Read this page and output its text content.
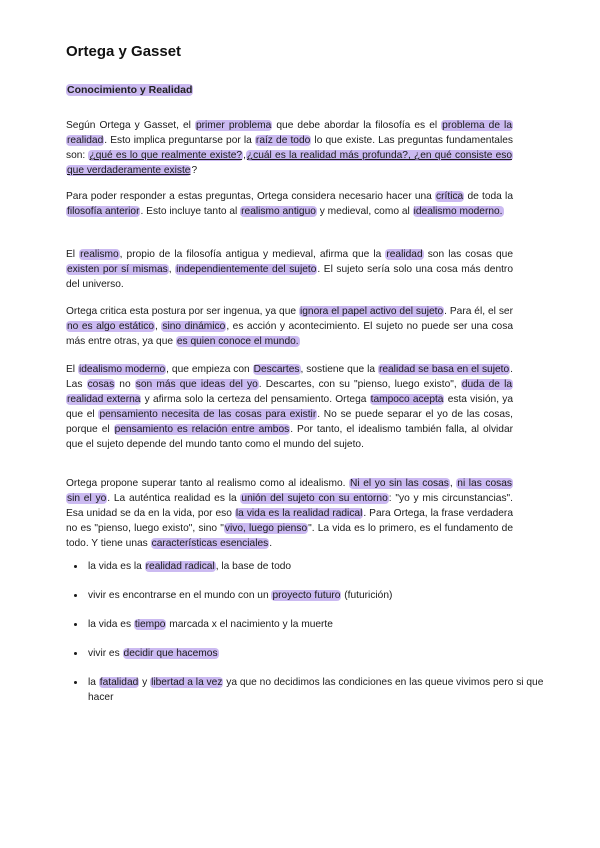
Ortega y Gasset
Conocimiento y Realidad

Según Ortega y Gasset, el primer problema que debe abordar la filosofía es el problema de la realidad. Esto implica preguntarse por la raíz de todo lo que existe. Las preguntas fundamentales son: ¿qué es lo que realmente existe?,¿cuál es la realidad más profunda?, ¿en qué consiste eso que verdaderamente existe?

Para poder responder a estas preguntas, Ortega considera necesario hacer una crítica de toda la filosofía anterior. Esto incluye tanto al realismo antiguo y medieval, como al idealismo moderno.

El realismo, propio de la filosofía antigua y medieval, afirma que la realidad son las cosas que existen por sí mismas, independientemente del sujeto. El sujeto sería solo una cosa más dentro del universo.

Ortega critica esta postura por ser ingenua, ya que ignora el papel activo del sujeto. Para él, el ser no es algo estático, sino dinámico, es acción y acontecimiento. El sujeto no puede ser una cosa más entre otras, ya que es quien conoce el mundo.

El idealismo moderno, que empieza con Descartes, sostiene que la realidad se basa en el sujeto. Las cosas no son más que ideas del yo. Descartes, con su "pienso, luego existo", duda de la realidad externa y afirma solo la certeza del pensamiento. Ortega tampoco acepta esta visión, ya que el pensamiento necesita de las cosas para existir. No se puede separar el yo de las cosas, porque el pensamiento es relación entre ambos. Por tanto, el idealismo también falla, al olvidar que el sujeto depende del mundo tanto como el mundo del sujeto.

Ortega propone superar tanto al realismo como al idealismo. Ni el yo sin las cosas, ni las cosas sin el yo. La auténtica realidad es la unión del sujeto con su entorno: "yo y mis circunstancias". Esa unidad se da en la vida, por eso la vida es la realidad radical. Para Ortega, la frase verdadera no es "pienso, luego existo", sino "vivo, luego pienso". La vida es lo primero, es el fundamento de todo. Y tiene unas características esenciales.

• la vida es la realidad radical, la base de todo
• vivir es encontrarse en el mundo con un proyecto futuro (futurición)
• la vida es tiempo marcada x el nacimiento y la muerte
• vivir es decidir que hacemos
• la fatalidad y libertad a la vez ya que no decidimos las condiciones en las queue vivimos pero si que hacer
